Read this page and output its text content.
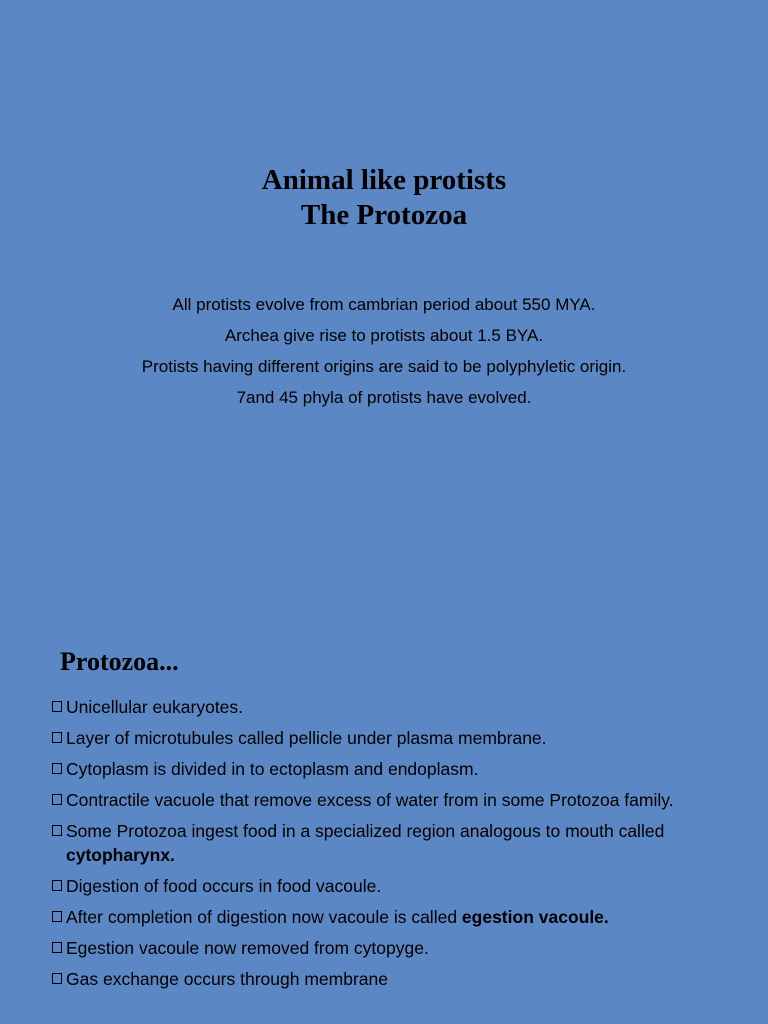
Animal like protists
The Protozoa

All protists evolve from cambrian period about 550 MYA.

Archea give rise to protists about 1.5 BYA.

Protists having different origins are said to be polyphyletic origin.

7and 45 phyla of protists have evolved.

Protozoa...
Unicellular eukaryotes.
Layer of microtubules called pellicle under plasma membrane.
Cytoplasm is divided in to ectoplasm and endoplasm.
Contractile vacuole that remove excess of water from in some Protozoa family.
Some Protozoa ingest food in a specialized region analogous to mouth called cytopharynx.
Digestion of food occurs in food vacoule.
After completion of digestion now vacoule is called egestion vacoule.
Egestion vacoule now removed from cytopyge.
Gas exchange occurs through membrane
